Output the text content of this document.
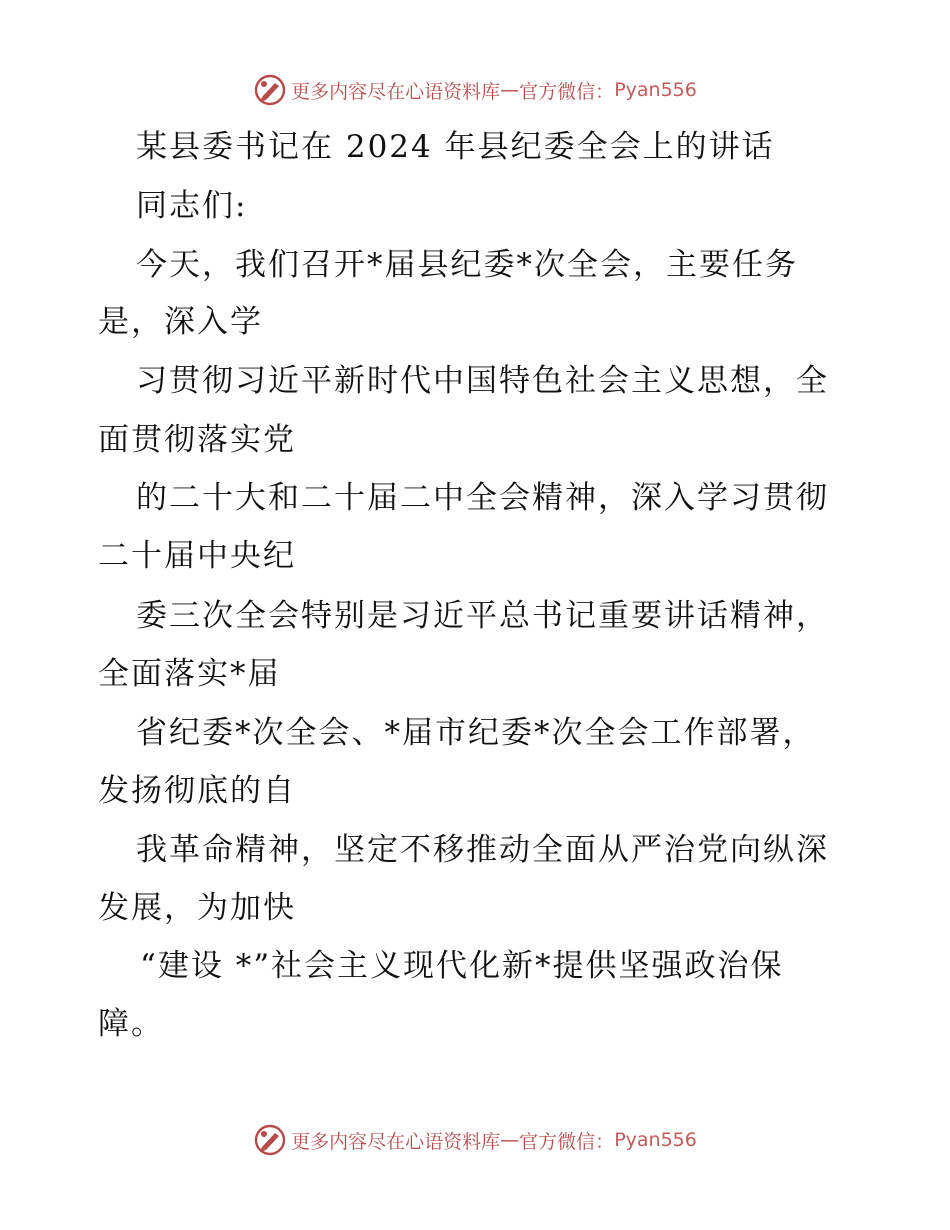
更多内容尽在心语资料库 — 官方微信： Pyan556
某县委书记在 2024 年县纪委全会上的讲话
同志们:
今天，我们召开*届县纪委*次全会，主要任务
是，深入学
习贯彻习近平新时代中国特色社会主义思想，全
面贯彻落实党
的二十大和二十届二中全会精神，深入学习贯彻
二十届中央纪
委三次全会特别是习近平总书记重要讲话精神，
全面落实*届
省纪委*次全会、*届市纪委*次全会工作部署，
发扬彻底的自
我革命精神，坚定不移推动全面从严治党向纵深
发展，为加快
“建设 *”社会主义现代化新*提供坚强政治保
障。
更多内容尽在心语资料库 — 官方微信： Pyan556
